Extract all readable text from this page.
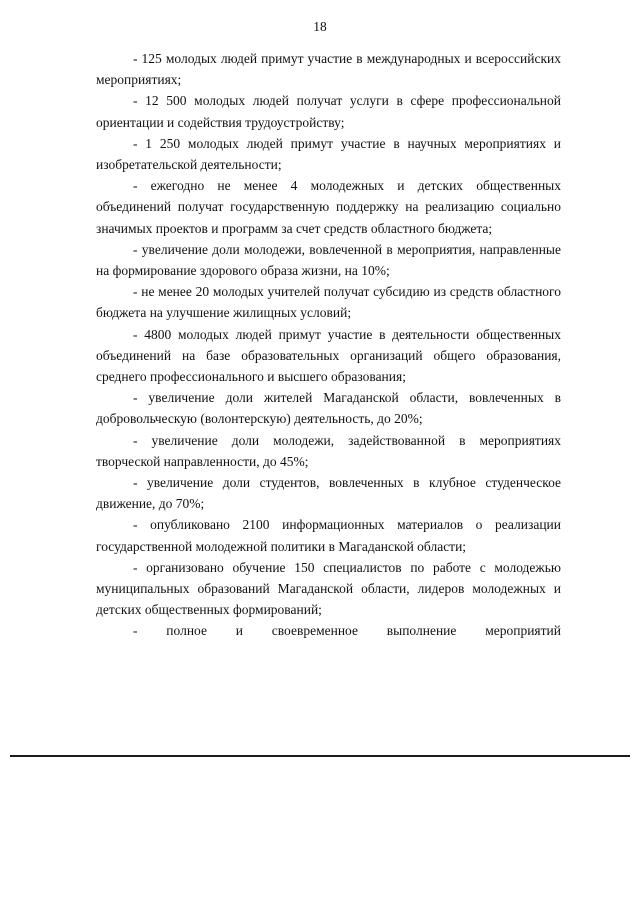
18

- 125 молодых людей примут участие в международных и всероссийских мероприятиях;

- 12 500 молодых людей получат услуги в сфере профессиональной ориентации и содействия трудоустройству;

- 1 250 молодых людей примут участие в научных мероприятиях и изобретательской деятельности;

- ежегодно не менее 4 молодежных и детских общественных объединений получат государственную поддержку на реализацию социально значимых проектов и программ за счет средств областного бюджета;

- увеличение доли молодежи, вовлеченной в мероприятия, направленные на формирование здорового образа жизни, на 10%;

- не менее 20 молодых учителей получат субсидию из средств областного бюджета на улучшение жилищных условий;

- 4800 молодых людей примут участие в деятельности общественных объединений на базе образовательных организаций общего образования, среднего профессионального и высшего образования;

- увеличение доли жителей Магаданской области, вовлеченных в добровольческую (волонтерскую) деятельность, до 20%;

- увеличение доли молодежи, задействованной в мероприятиях творческой направленности, до 45%;

- увеличение доли студентов, вовлеченных в клубное студенческое движение, до 70%;

- опубликовано 2100 информационных материалов о реализации государственной молодежной политики в Магаданской области;

- организовано обучение 150 специалистов по работе с молодежью муниципальных образований Магаданской области, лидеров молодежных и детских общественных формирований;

- полное и своевременное выполнение мероприятий
